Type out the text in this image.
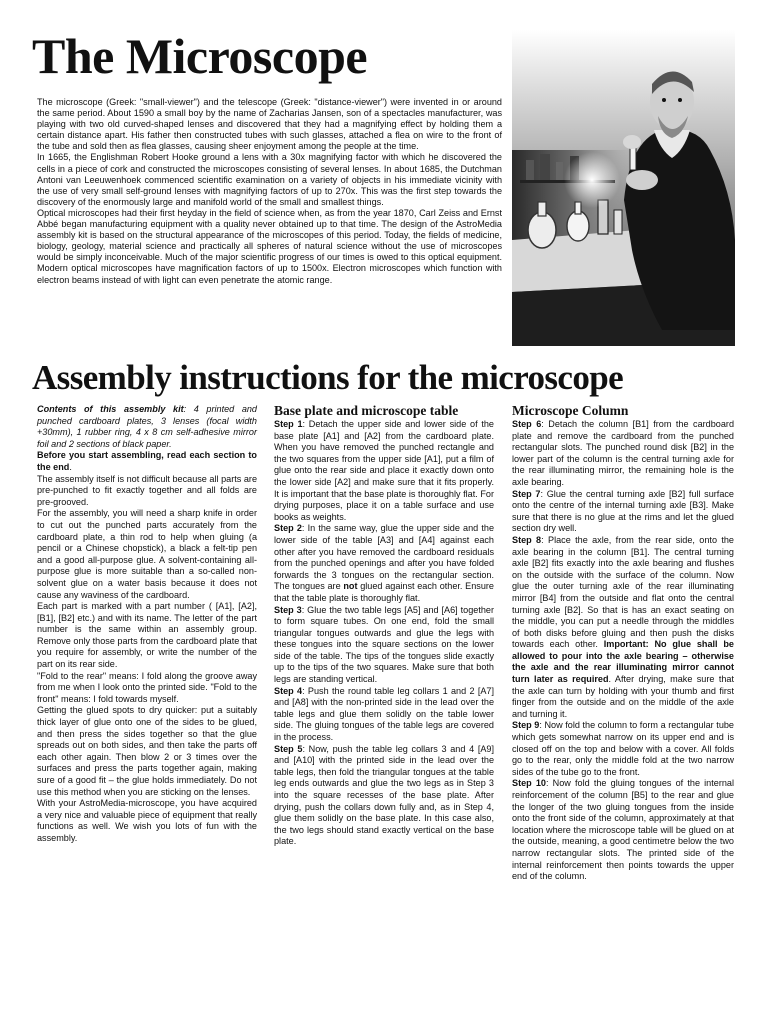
The Microscope

The microscope (Greek: "small-viewer") and the telescope (Greek: "distance-viewer") were invented in or around the same period. About 1590 a small boy by the name of Zacharias Jansen, son of a spectacles manufacturer, was playing with two old curved-shaped lenses and discovered that they had a magnifying effect by holding them a certain distance apart. His father then constructed tubes with such glasses, attached a flea on wire to the front of the tube and sold then as flea glasses, causing sheer enjoyment among the people at the time.

In 1665, the Englishman Robert Hooke ground a lens with a 30x magnifying factor with which he discovered the cells in a piece of cork and constructed the microscopes consisting of several lenses. In about 1685, the Dutchman Antoni van Leeuwenhoek commenced scientific examination on a variety of objects in his immediate vicinity with the use of very small self-ground lenses with magnifying factors of up to 270x. This was the first step towards the discovery of the enormously large and manifold world of the small and smallest things.

Optical microscopes had their first heyday in the field of science when, as from the year 1870, Carl Zeiss and Ernst Abbé began manufacturing equipment with a quality never obtained up to that time. The design of the AstroMedia assembly kit is based on the structural appearance of the microscopes of this period. Today, the fields of medicine, biology, geology, material science and practically all spheres of natural science without the use of microscopes would be simply inconceivable. Much of the major scientific progress of our times is owed to this optical equipment. Modern optical microscopes have magnification factors of up to 1500x. Electron microscopes which function with electron beams instead of with light can even penetrate the atomic range.

Assembly instructions for the microscope

Contents of this assembly kit: 4 printed and punched cardboard plates, 3 lenses (focal width +30mm), 1 rubber ring, 4 x 8 cm self-adhesive mirror foil and 2 sections of black paper.

Before you start assembling, read each section to the end.

The assembly itself is not difficult because all parts are pre-punched to fit exactly together and all folds are pre-grooved.

For the assembly, you will need a sharp knife in order to cut out the punched parts accurately from the cardboard plate, a thin rod to help when gluing (a pencil or a Chinese chopstick), a black a felt-tip pen and a good all-purpose glue. A solvent-containing all-purpose glue is more suitable than a so-called non-solvent glue on a water basis because it does not cause any waviness of the cardboard.

Each part is marked with a part number ( [A1], [A2], [B1], [B2] etc.) and with its name. The letter of the part number is the same within an assembly group. Remove only those parts from the cardboard plate that you require for assembly, or write the number of the part on its rear side.

"Fold to the rear" means: I fold along the groove away from me when I look onto the printed side. "Fold to the front" means: I fold towards myself.

Getting the glued spots to dry quicker: put a suitably thick layer of glue onto one of the sides to be glued, and then press the sides together so that the glue spreads out on both sides, and then take the parts off each other again. Then blow 2 or 3 times over the surfaces and press the parts together again, making sure of a good fit – the glue holds immediately. Do not use this method when you are sticking on the lenses.

With your AstroMedia-microscope, you have acquired a very nice and valuable piece of equipment that really functions as well. We wish you lots of fun with the assembly.

Base plate and microscope table

Step 1: Detach the upper side and lower side of the base plate [A1] and [A2] from the cardboard plate. When you have removed the punched rectangle and the two squares from the upper side [A1], put a film of glue onto the rear side and place it exactly down onto the lower side [A2] and make sure that it fits properly. It is important that the base plate is thoroughly flat. For drying purposes, place it on a table surface and use books as weights.

Step 2: In the same way, glue the upper side and the lower side of the table [A3] and [A4] against each other after you have removed the cardboard residuals from the punched openings and after you have folded forwards the 3 tongues on the rectangular section. The tongues are not glued against each other. Ensure that the table plate is thoroughly flat.

Step 3: Glue the two table legs [A5] and [A6] together to form square tubes. On one end, fold the small triangular tongues outwards and glue the legs with these tongues into the square sections on the lower side of the table. The tips of the tongues slide exactly up to the tips of the two squares. Make sure that both legs are standing vertical.

Step 4: Push the round table leg collars 1 and 2 [A7] and [A8] with the non-printed side in the lead over the table legs and glue them solidly on the table lower side. The gluing tongues of the table legs are covered in the process.

Step 5: Now, push the table leg collars 3 and 4 [A9] and [A10] with the printed side in the lead over the table legs, then fold the triangular tongues at the table leg ends outwards and glue the two legs as in Step 3 into the square recesses of the base plate. After drying, push the collars down fully and, as in Step 4, glue them solidly on the base plate. In this case also, the two legs should stand exactly vertical on the base plate.

Microscope Column

Step 6: Detach the column [B1] from the cardboard plate and remove the cardboard from the punched rectangular slots. The punched round disk [B2] in the lower part of the column is the central turning axle for the rear illuminating mirror, the remaining hole is the axle bearing.

Step 7: Glue the central turning axle [B2] full surface onto the centre of the internal turning axle [B3]. Make sure that there is no glue at the rims and let the glued section dry well.

Step 8: Place the axle, from the rear side, onto the axle bearing in the column [B1]. The central turning axle [B2] fits exactly into the axle bearing and flushes on the outside with the surface of the column. Now glue the outer turning axle of the rear illuminating mirror [B4] from the outside and flat onto the central turning axle [B2]. So that is has an exact seating on the middle, you can put a needle through the middles of both disks before gluing and then push the disks towards each other. Important: No glue shall be allowed to pour into the axle bearing – otherwise the axle and the rear illuminating mirror cannot turn later as required. After drying, make sure that the axle can turn by holding with your thumb and first finger from the outside and on the middle of the axle and turning it.

Step 9: Now fold the column to form a rectangular tube which gets somewhat narrow on its upper end and is closed off on the top and below with a cover. All folds go to the rear, only the middle fold at the two narrow sides of the tube go to the front.

Step 10: Now fold the gluing tongues of the internal reinforcement of the column [B5] to the rear and glue the longer of the two gluing tongues from the inside onto the front side of the column, approximately at that location where the microscope table will be glued on at the outside, meaning, a good centimetre below the two narrow rectangular slots. The printed side of the internal reinforcement then points towards the upper end of the column.
